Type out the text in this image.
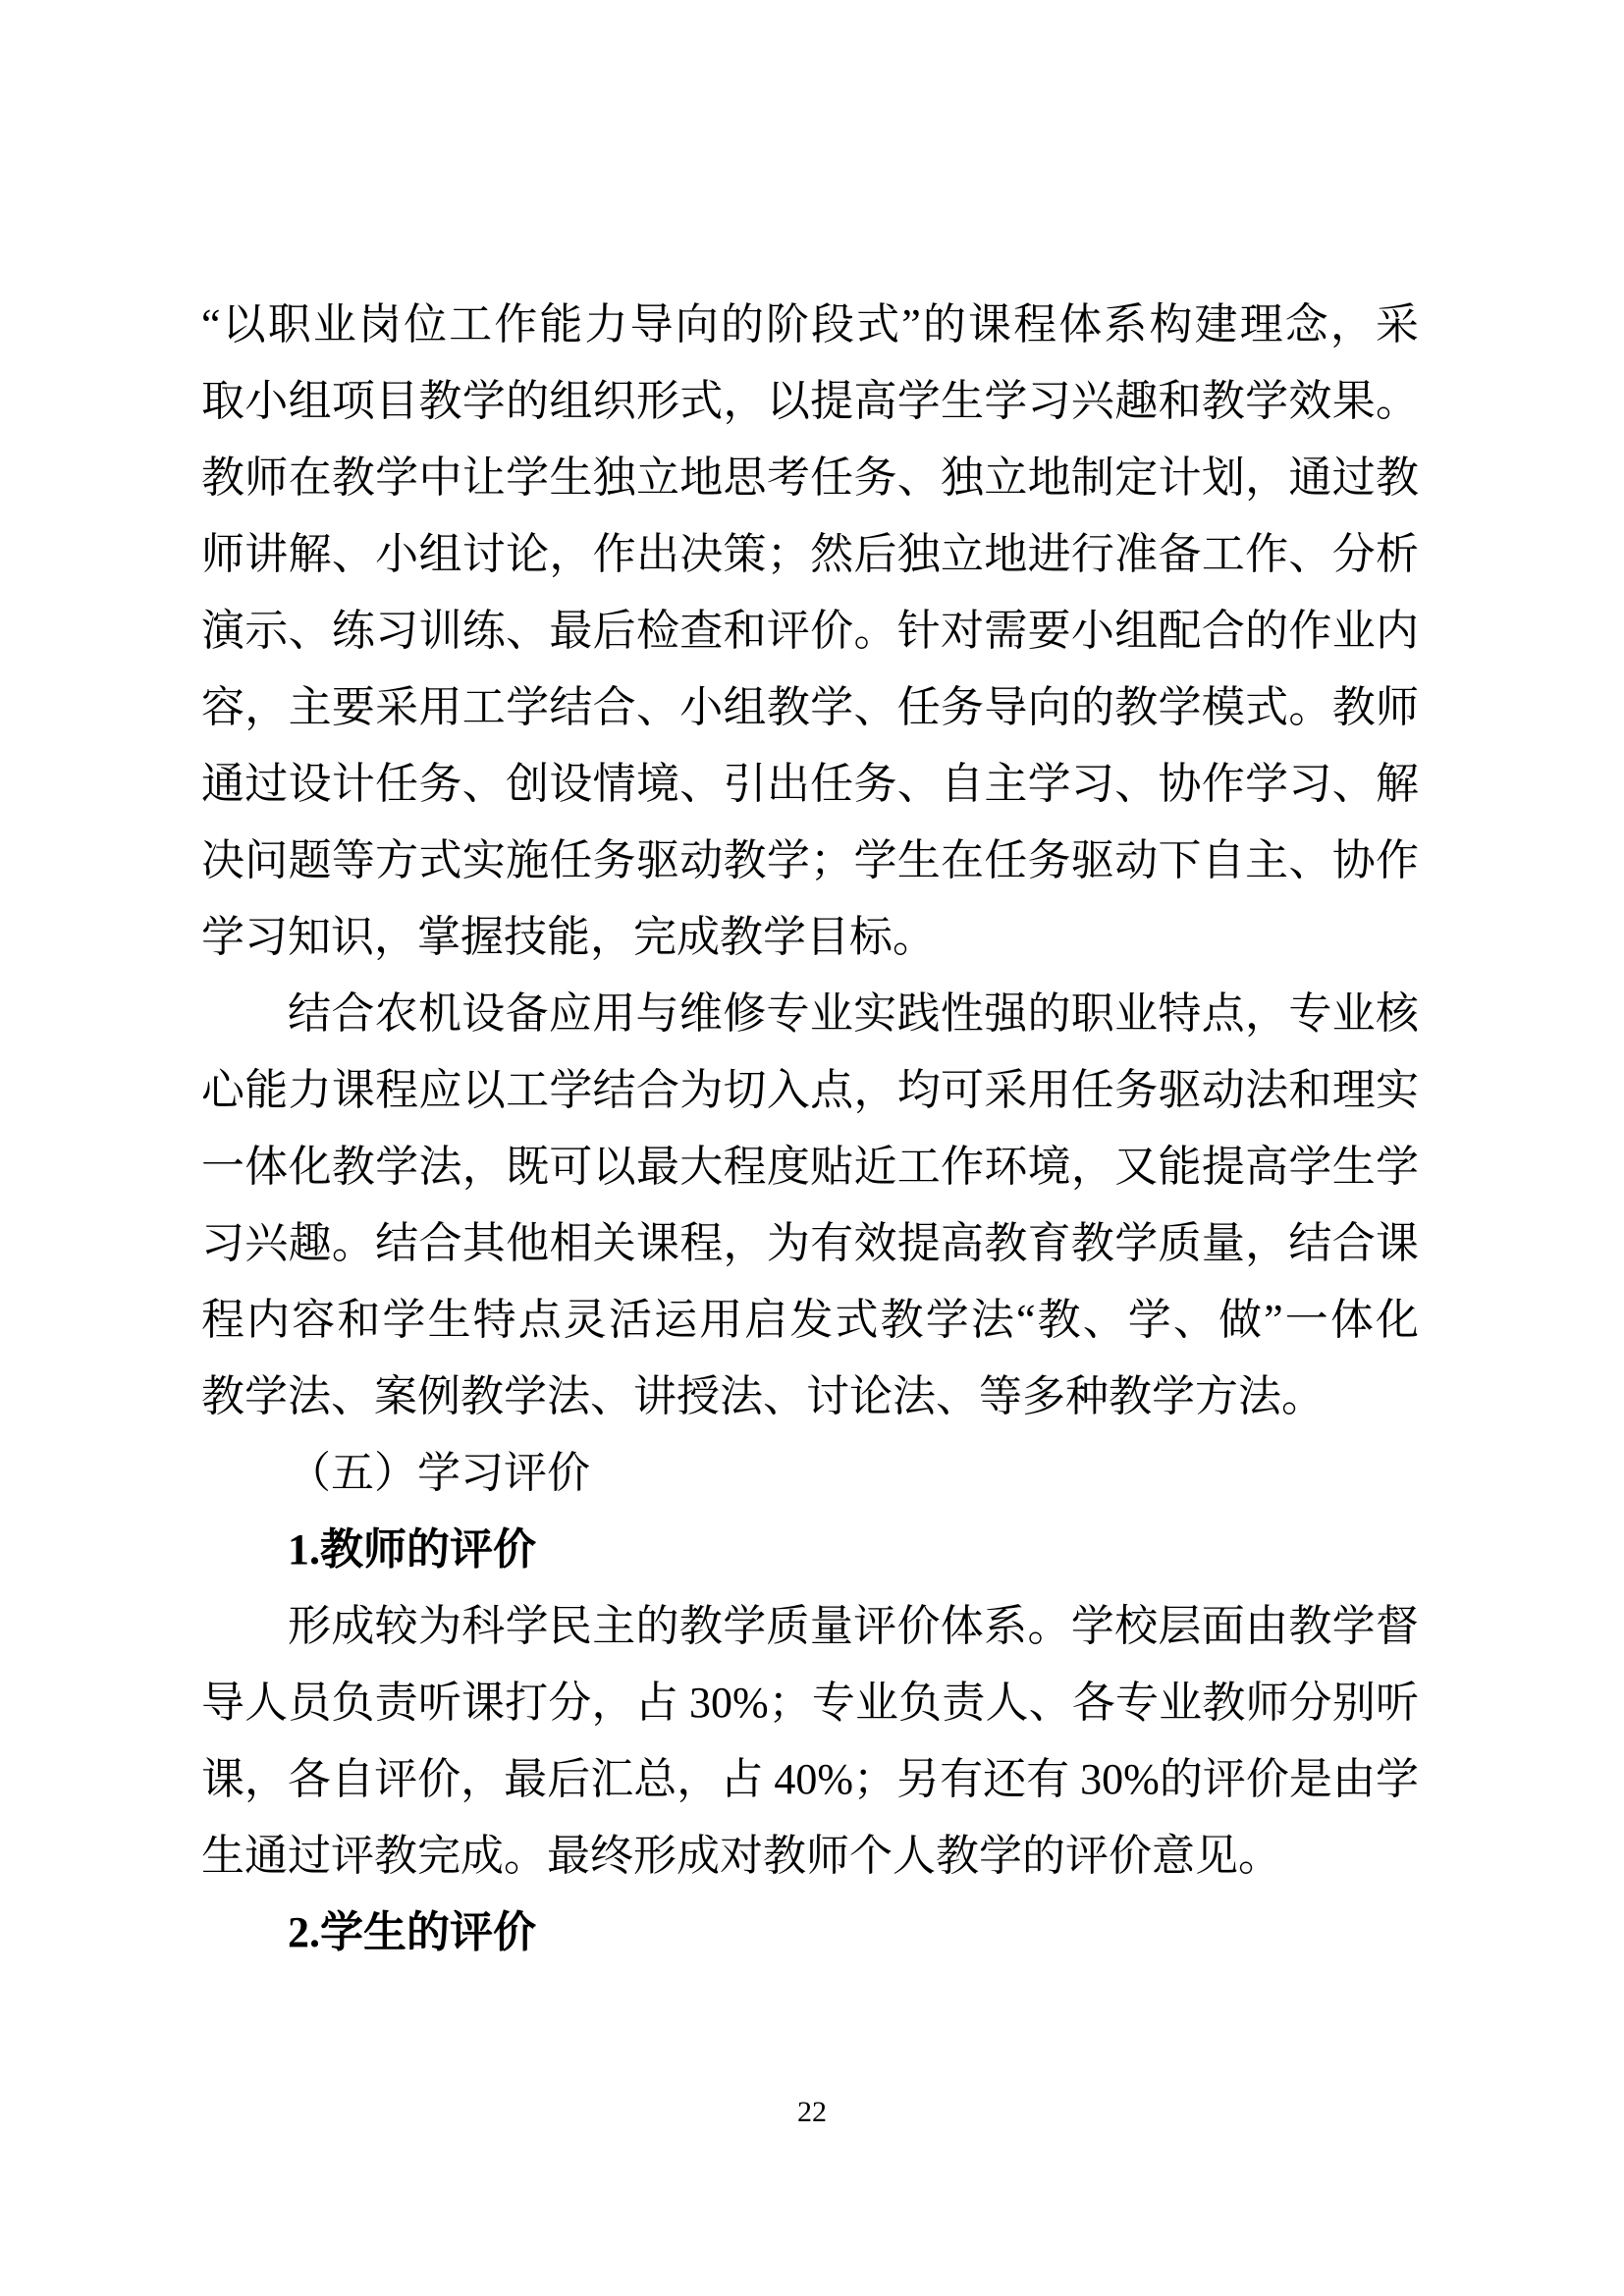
“以职业岗位工作能力导向的阶段式”的课程体系构建理念，采
取小组项目教学的组织形式，以提高学生学习兴趣和教学效果。
教师在教学中让学生独立地思考任务、独立地制定计划，通过教
师讲解、小组讨论，作出决策；然后独立地进行准备工作、分析
演示、练习训练、最后检查和评价。针对需要小组配合的作业内
容，主要采用工学结合、小组教学、任务导向的教学模式。教师
通过设计任务、创设情境、引出任务、自主学习、协作学习、解
决问题等方式实施任务驱动教学；学生在任务驱动下自主、协作
学习知识，掌握技能，完成教学目标。
结合农机设备应用与维修专业实践性强的职业特点，专业核
心能力课程应以工学结合为切入点，均可采用任务驱动法和理实
一体化教学法，既可以最大程度贴近工作环境，又能提高学生学
习兴趣。结合其他相关课程，为有效提高教育教学质量，结合课
程内容和学生特点灵活运用启发式教学法“教、学、做”一体化
教学法、案例教学法、讲授法、讨论法、等多种教学方法。
（五）学习评价
1.教师的评价
形成较为科学民主的教学质量评价体系。学校层面由教学督
导人员负责听课打分，占 30%；专业负责人、各专业教师分别听
课，各自评价，最后汇总，占 40%；另有还有 30%的评价是由学
生通过评教完成。最终形成对教师个人教学的评价意见。
2.学生的评价
22
